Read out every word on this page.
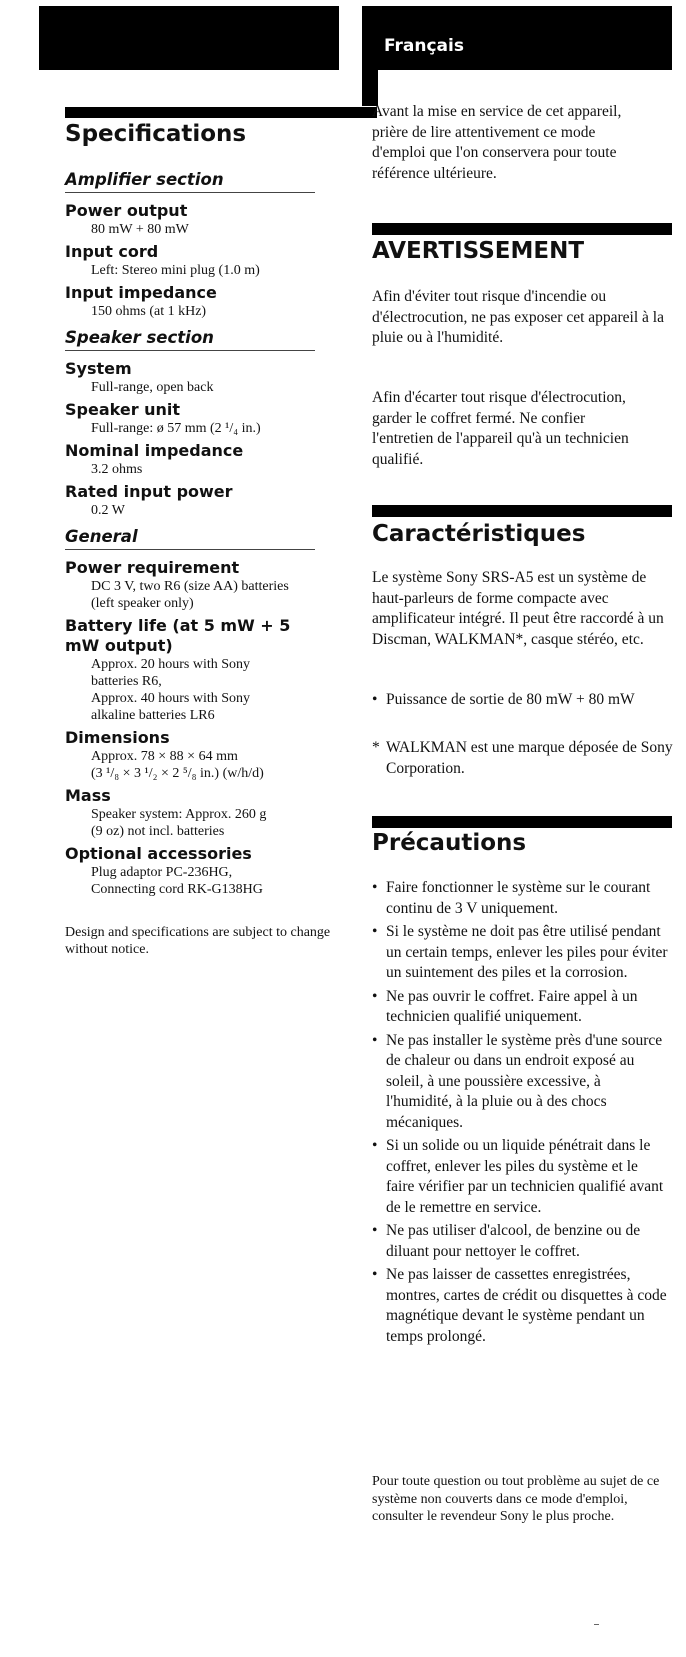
Specifications
Amplifier section
Power output
80 mW + 80 mW
Input cord
Left: Stereo mini plug (1.0 m)
Input impedance
150 ohms (at 1 kHz)
Speaker section
System
Full-range, open back
Speaker unit
Full-range: ø 57 mm (2 ¹/₄ in.)
Nominal impedance
3.2 ohms
Rated input power
0.2 W
General
Power requirement
DC 3 V, two R6 (size AA) batteries
(left speaker only)
Battery life (at 5 mW + 5 mW output)
Approx. 20 hours with Sony
batteries R6,
Approx. 40 hours with Sony
alkaline batteries LR6
Dimensions
Approx. 78 × 88 × 64 mm
(3 ¹/₈ × 3 ¹/₂ × 2 ⁵/₈ in.) (w/h/d)
Mass
Speaker system: Approx. 260 g
(9 oz) not incl. batteries
Optional accessories
Plug adaptor PC-236HG,
Connecting cord RK-G138HG
Design and specifications are subject to change without notice.
Français

Avant la mise en service de cet appareil, prière de lire attentivement ce mode d'emploi que l'on conservera pour toute référence ultérieure.

AVERTISSEMENT

Afin d'éviter tout risque d'incendie ou d'électrocution, ne pas exposer cet appareil à la pluie ou à l'humidité.

Afin d'écarter tout risque d'électrocution, garder le coffret fermé. Ne confier l'entretien de l'appareil qu'à un technicien qualifié.

Caractéristiques

Le système Sony SRS-A5 est un système de haut-parleurs de forme compacte avec amplificateur intégré. Il peut être raccordé à un Discman, WALKMAN*, casque stéréo, etc.

• Puissance de sortie de 80 mW + 80 mW
* WALKMAN est une marque déposée de Sony Corporation.
Précautions
• Faire fonctionner le système sur le courant continu de 3 V uniquement.
• Si le système ne doit pas être utilisé pendant un certain temps, enlever les piles pour éviter un suintement des piles et la corrosion.
• Ne pas ouvrir le coffret. Faire appel à un technicien qualifié uniquement.
• Ne pas installer le système près d'une source de chaleur ou dans un endroit exposé au soleil, à une poussière excessive, à l'humidité, à la pluie ou à des chocs mécaniques.
• Si un solide ou un liquide pénétrait dans le coffret, enlever les piles du système et le faire vérifier par un technicien qualifié avant de le remettre en service.
• Ne pas utiliser d'alcool, de benzine ou de diluant pour nettoyer le coffret.
• Ne pas laisser de cassettes enregistrées, montres, cartes de crédit ou disquettes à code magnétique devant le système pendant un temps prolongé.

Pour toute question ou tout problème au sujet de ce système non couverts dans ce mode d'emploi, consulter le revendeur Sony le plus proche.
